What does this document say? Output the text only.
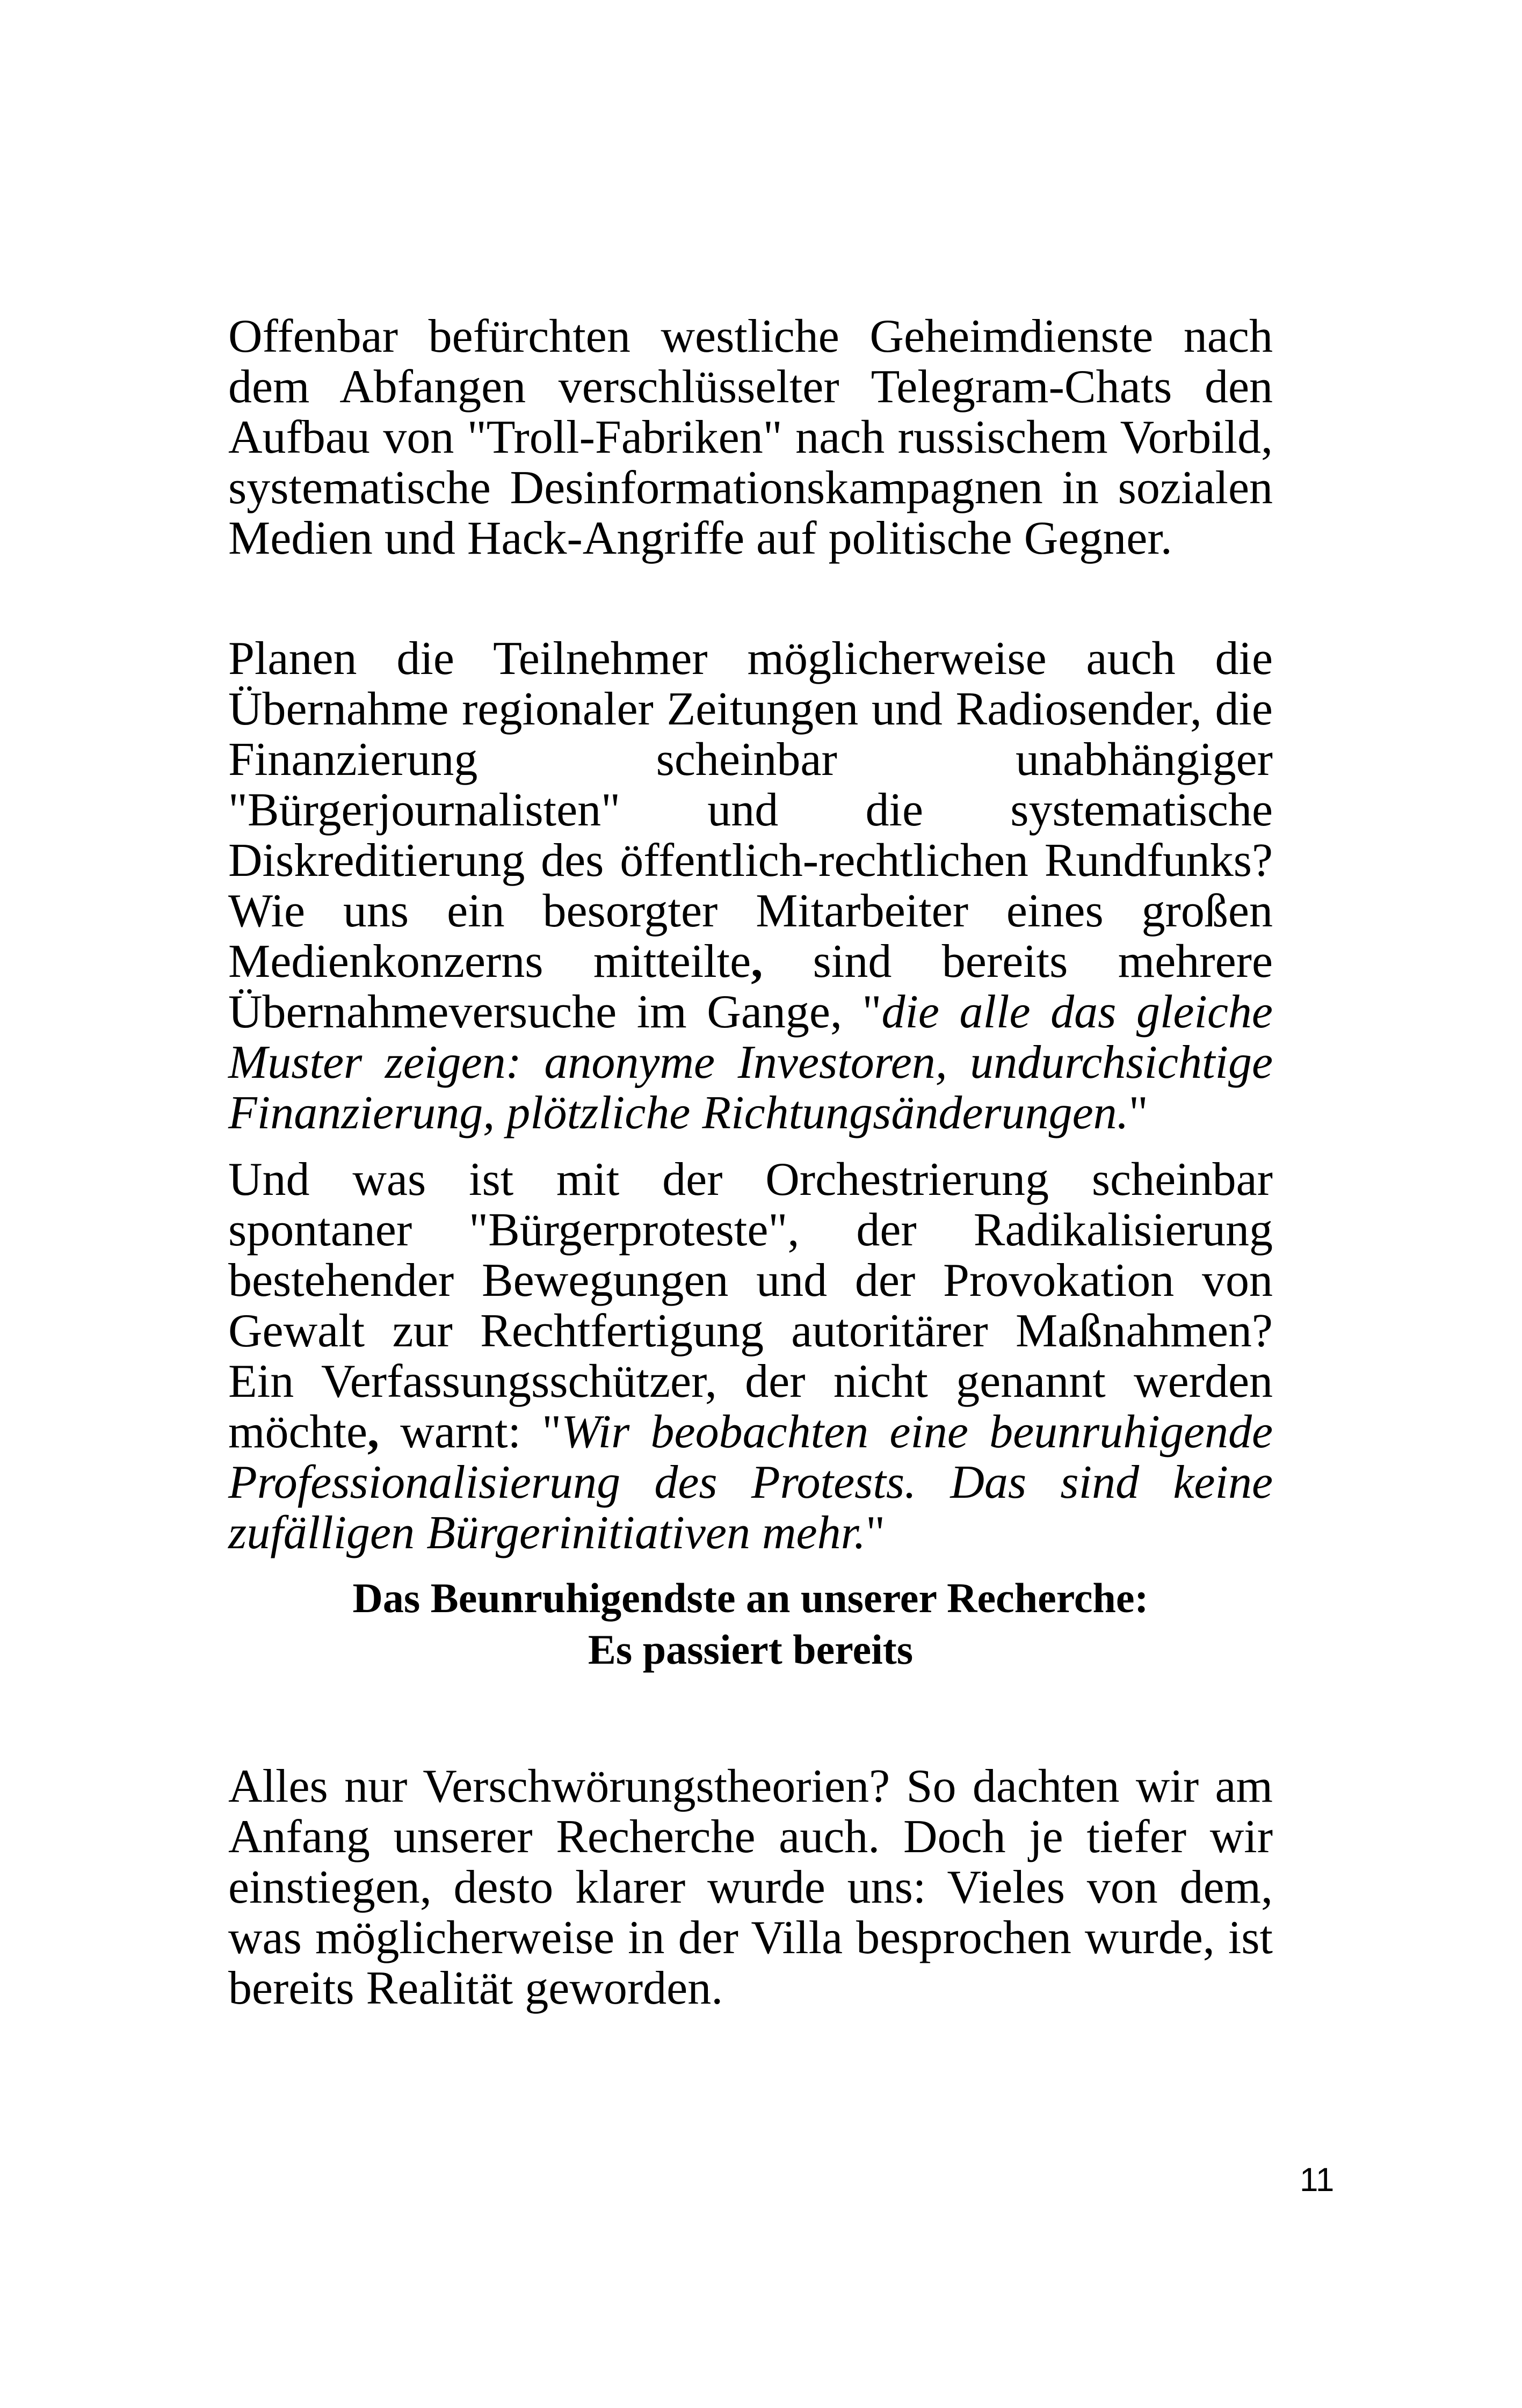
Offenbar befürchten westliche Geheimdienste nach dem Abfangen verschlüsselter Telegram-Chats den Aufbau von "Troll-Fabriken" nach russischem Vorbild, systematische Desinformationskampagnen in sozialen Medien und Hack-Angriffe auf politische Gegner.

Planen die Teilnehmer möglicherweise auch die Übernahme regionaler Zeitungen und Radiosender, die Finanzierung scheinbar unabhängiger "Bürgerjournalisten" und die systematische Diskreditierung des öffentlich-rechtlichen Rundfunks? Wie uns ein besorgter Mitarbeiter eines großen Medienkonzerns mitteilte, sind bereits mehrere Übernahmeversuche im Gange, "die alle das gleiche Muster zeigen: anonyme Investoren, undurchsichtige Finanzierung, plötzliche Richtungsänderungen."

Und was ist mit der Orchestrierung scheinbar spontaner "Bürgerproteste", der Radikalisierung bestehender Bewegungen und der Provokation von Gewalt zur Rechtfertigung autoritärer Maßnahmen? Ein Verfassungsschützer, der nicht genannt werden möchte, warnt: "Wir beobachten eine beunruhigende Professionalisierung des Protests. Das sind keine zufälligen Bürgerinitiativen mehr."

Das Beunruhigendste an unserer Recherche:
Es passiert bereits

Alles nur Verschwörungstheorien? So dachten wir am Anfang unserer Recherche auch. Doch je tiefer wir einstiegen, desto klarer wurde uns: Vieles von dem, was möglicherweise in der Villa besprochen wurde, ist bereits Realität geworden.

11
